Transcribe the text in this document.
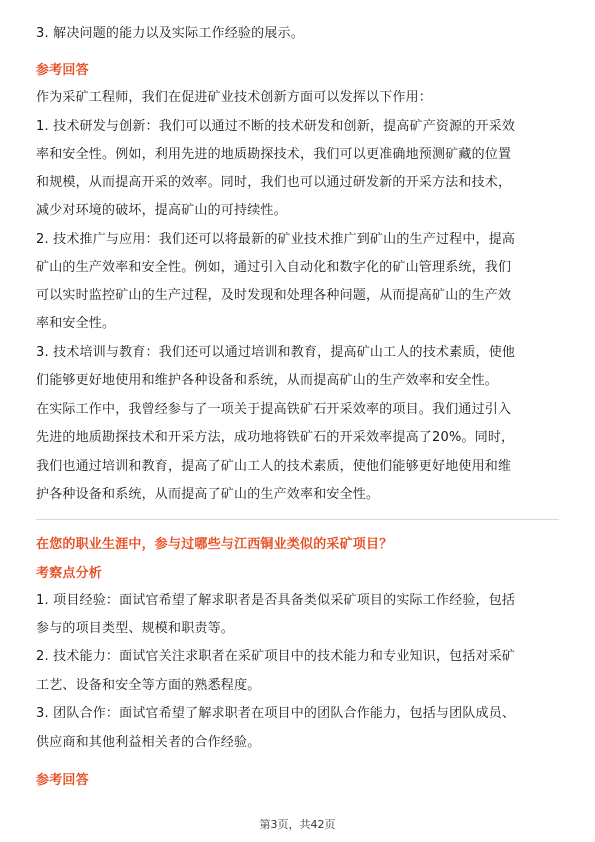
3. 解决问题的能力以及实际工作经验的展示。
参考回答
作为采矿工程师，我们在促进矿业技术创新方面可以发挥以下作用：
1. 技术研发与创新：我们可以通过不断的技术研发和创新，提高矿产资源的开采效
率和安全性。例如，利用先进的地质勘探技术，我们可以更准确地预测矿藏的位置
和规模，从而提高开采的效率。同时，我们也可以通过研发新的开采方法和技术，
减少对环境的破坏，提高矿山的可持续性。
2. 技术推广与应用：我们还可以将最新的矿业技术推广到矿山的生产过程中，提高
矿山的生产效率和安全性。例如，通过引入自动化和数字化的矿山管理系统，我们
可以实时监控矿山的生产过程，及时发现和处理各种问题，从而提高矿山的生产效
率和安全性。
3. 技术培训与教育：我们还可以通过培训和教育，提高矿山工人的技术素质，使他
们能够更好地使用和维护各种设备和系统，从而提高矿山的生产效率和安全性。
在实际工作中，我曾经参与了一项关于提高铁矿石开采效率的项目。我们通过引入
先进的地质勘探技术和开采方法，成功地将铁矿石的开采效率提高了20%。同时，
我们也通过培训和教育，提高了矿山工人的技术素质，使他们能够更好地使用和维
护各种设备和系统，从而提高了矿山的生产效率和安全性。
在您的职业生涯中，参与过哪些与江西铜业类似的采矿项目？
考察点分析
1. 项目经验：面试官希望了解求职者是否具备类似采矿项目的实际工作经验，包括
参与的项目类型、规模和职责等。
2. 技术能力：面试官关注求职者在采矿项目中的技术能力和专业知识，包括对采矿
工艺、设备和安全等方面的熟悉程度。
3. 团队合作：面试官希望了解求职者在项目中的团队合作能力，包括与团队成员、
供应商和其他利益相关者的合作经验。
参考回答
第3页，共42页
